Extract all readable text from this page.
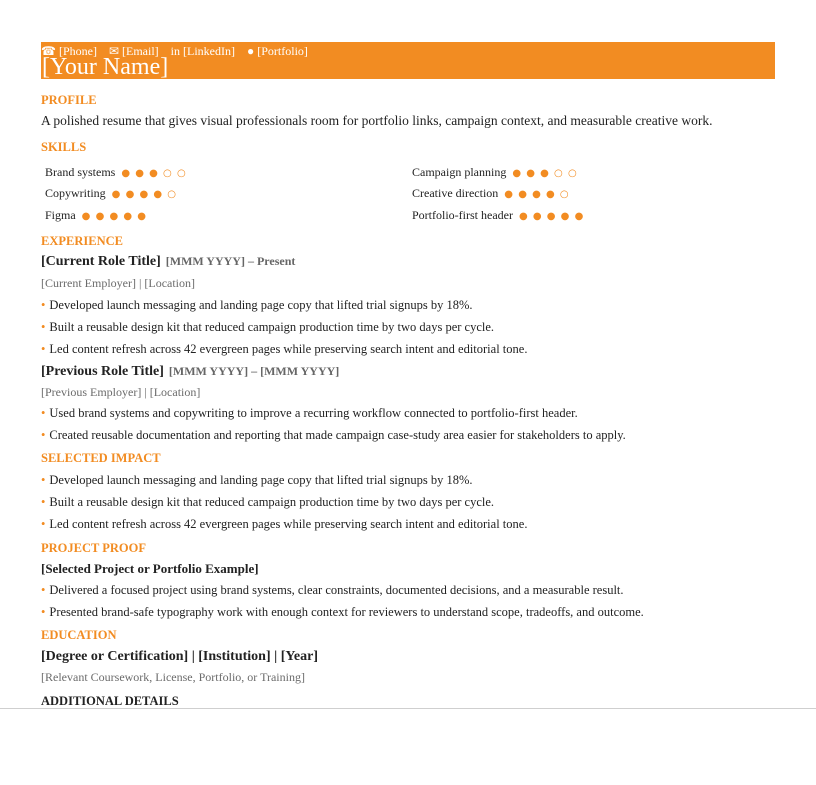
☎ [Phone] ✉ [Email] in [LinkedIn] ● [Portfolio]
[Your Name]
PROFILE
A polished resume that gives visual professionals room for portfolio links, campaign context, and measurable creative work.
SKILLS
Brand systems ● ● ● ○ ○	Campaign planning ● ● ● ○ ○
Copywriting ● ● ● ● ○	Creative direction ● ● ● ● ○
Figma ● ● ● ● ●	Portfolio-first header ● ● ● ● ●
EXPERIENCE
[Current Role Title] [MMM YYYY] – Present
[Current Employer] | [Location]
• Developed launch messaging and landing page copy that lifted trial signups by 18%.
• Built a reusable design kit that reduced campaign production time by two days per cycle.
• Led content refresh across 42 evergreen pages while preserving search intent and editorial tone.
[Previous Role Title] [MMM YYYY] – [MMM YYYY]
[Previous Employer] | [Location]
• Used brand systems and copywriting to improve a recurring workflow connected to portfolio-first header.
• Created reusable documentation and reporting that made campaign case-study area easier for stakeholders to apply.
SELECTED IMPACT
• Developed launch messaging and landing page copy that lifted trial signups by 18%.
• Built a reusable design kit that reduced campaign production time by two days per cycle.
• Led content refresh across 42 evergreen pages while preserving search intent and editorial tone.
PROJECT PROOF
[Selected Project or Portfolio Example]
• Delivered a focused project using brand systems, clear constraints, documented decisions, and a measurable result.
• Presented brand-safe typography work with enough context for reviewers to understand scope, tradeoffs, and outcome.
EDUCATION
[Degree or Certification] | [Institution] | [Year]
[Relevant Coursework, License, Portfolio, or Training]
ADDITIONAL DETAILS
